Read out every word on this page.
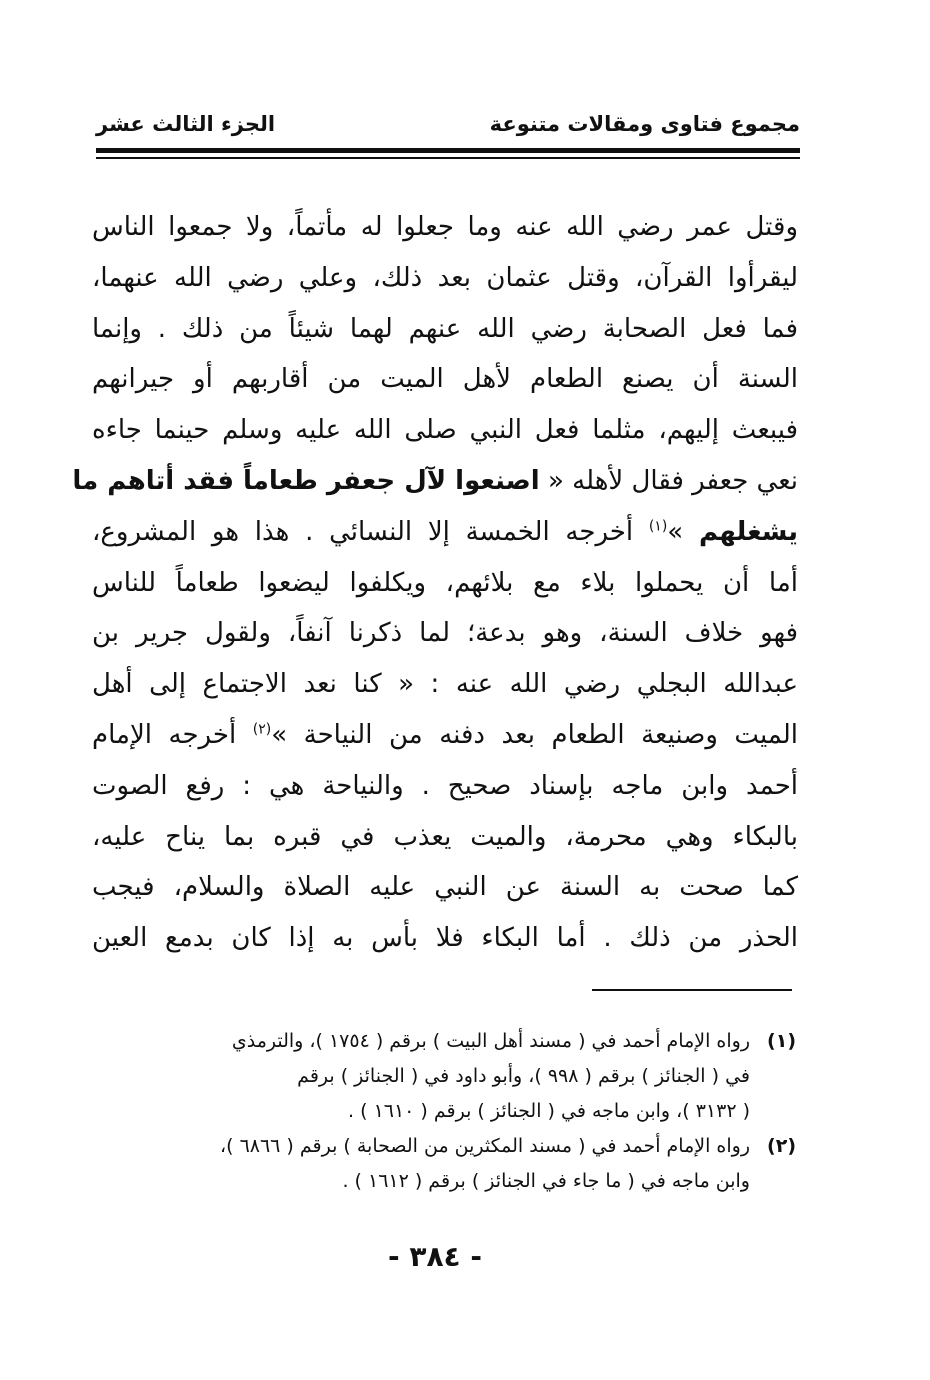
مجموع فتاوى ومقالات متنوعة
الجزء الثالث عشر
وقتل عمر رضي الله عنه وما جعلوا له مأتماً، ولا جمعوا الناس
ليقرأوا القرآن، وقتل عثمان بعد ذلك، وعلي رضي الله عنهما،
فما فعل الصحابة رضي الله عنهم لهما شيئاً من ذلك . وإنما
السنة أن يصنع الطعام لأهل الميت من أقاربهم أو جيرانهم
فيبعث إليهم، مثلما فعل النبي صلى الله عليه وسلم حينما جاءه
نعي جعفر فقال لأهله « اصنعوا لآل جعفر طعاماً فقد أتاهم ما
يشغلهم »$^{(١)}$ أخرجه الخمسة إلا النسائي . هذا هو المشروع،
أما أن يحملوا بلاء مع بلائهم، ويكلفوا ليضعوا طعاماً للناس
فهو خلاف السنة، وهو بدعة؛ لما ذكرنا آنفاً، ولقول جرير بن
عبدالله البجلي رضي الله عنه : « كنا نعد الاجتماع إلى أهل
الميت وصنيعة الطعام بعد دفنه من النياحة »$^{(٢)}$ أخرجه الإمام
أحمد وابن ماجه بإسناد صحيح . والنياحة هي : رفع الصوت
بالبكاء وهي محرمة، والميت يعذب في قبره بما يناح عليه،
كما صحت به السنة عن النبي عليه الصلاة والسلام، فيجب
الحذر من ذلك . أما البكاء فلا بأس به إذا كان بدمع العين
(١)
رواه الإمام أحمد في ( مسند أهل البيت ) برقم ( ١٧٥٤ )، والترمذي
في ( الجنائز ) برقم ( ٩٩٨ )، وأبو داود في ( الجنائز ) برقم
( ٣١٣٢ )، وابن ماجه في ( الجنائز ) برقم ( ١٦١٠ ) .
(٢)
رواه الإمام أحمد في ( مسند المكثرين من الصحابة ) برقم ( ٦٨٦٦ )،
وابن ماجه في ( ما جاء في الجنائز ) برقم ( ١٦١٢ ) .
- ٣٨٤ -
